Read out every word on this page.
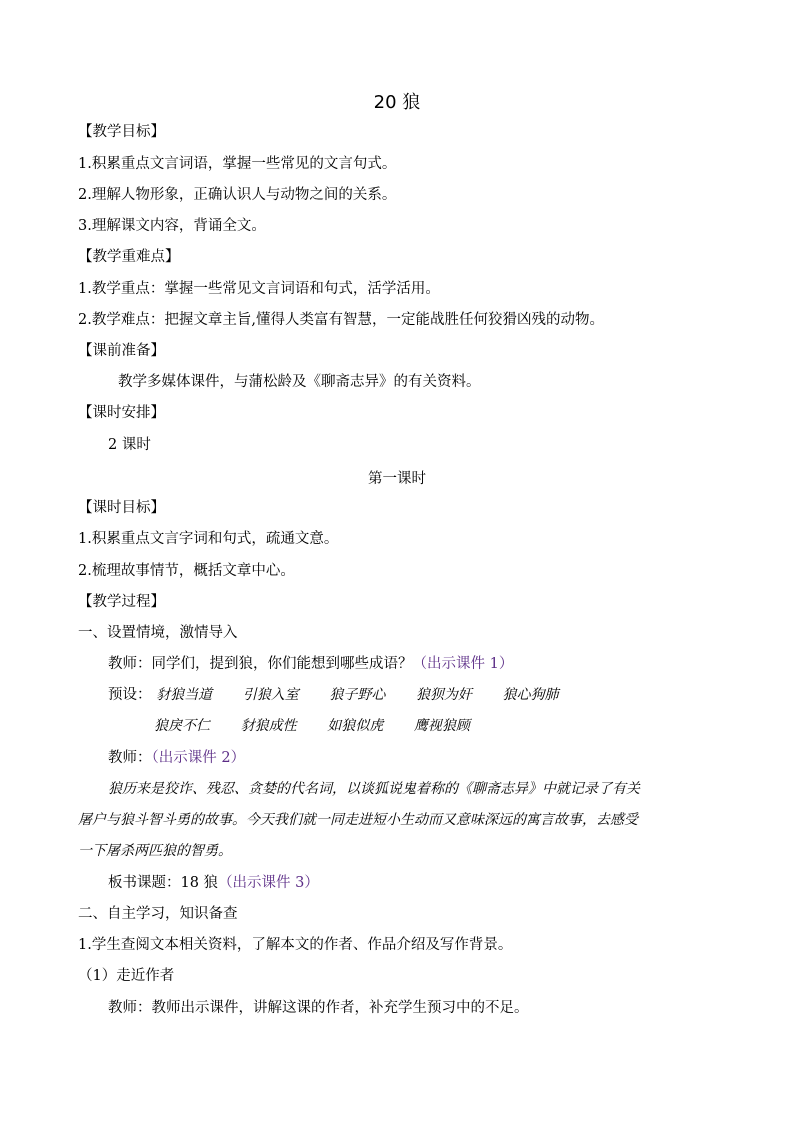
20 狼
【教学目标】
1.积累重点文言词语，掌握一些常见的文言句式。
2.理解人物形象，正确认识人与动物之间的关系。
3.理解课文内容，背诵全文。
【教学重难点】
1.教学重点：掌握一些常见文言词语和句式，活学活用。
2.教学难点：把握文章主旨,懂得人类富有智慧，一定能战胜任何狡猾凶残的动物。
【课前准备】
教学多媒体课件，与蒲松龄及《聊斋志异》的有关资料。
【课时安排】
2 课时
第一课时
【课时目标】
1.积累重点文言字词和句式，疏通文意。
2.梳理故事情节，概括文章中心。
【教学过程】
一、设置情境，激情导入
教师：同学们，提到狼，你们能想到哪些成语？（出示课件 1）
预设： 豺狼当道 引狼入室 狼子野心 狼狈为奸 狼心狗肺
狼戾不仁 豺狼成性 如狼似虎 鹰视狼顾
教师：（出示课件 2）
狼历来是狡诈、残忍、贪婪的代名词，以谈狐说鬼着称的《聊斋志异》中就记录了有关
屠户与狼斗智斗勇的故事。今天我们就一同走进短小生动而又意味深远的寓言故事，去感受
一下屠杀两匹狼的智勇。
板书课题：18 狼（出示课件 3）
二、自主学习，知识备查
1.学生查阅文本相关资料，了解本文的作者、作品介绍及写作背景。
（1）走近作者
教师：教师出示课件，讲解这课的作者，补充学生预习中的不足。
